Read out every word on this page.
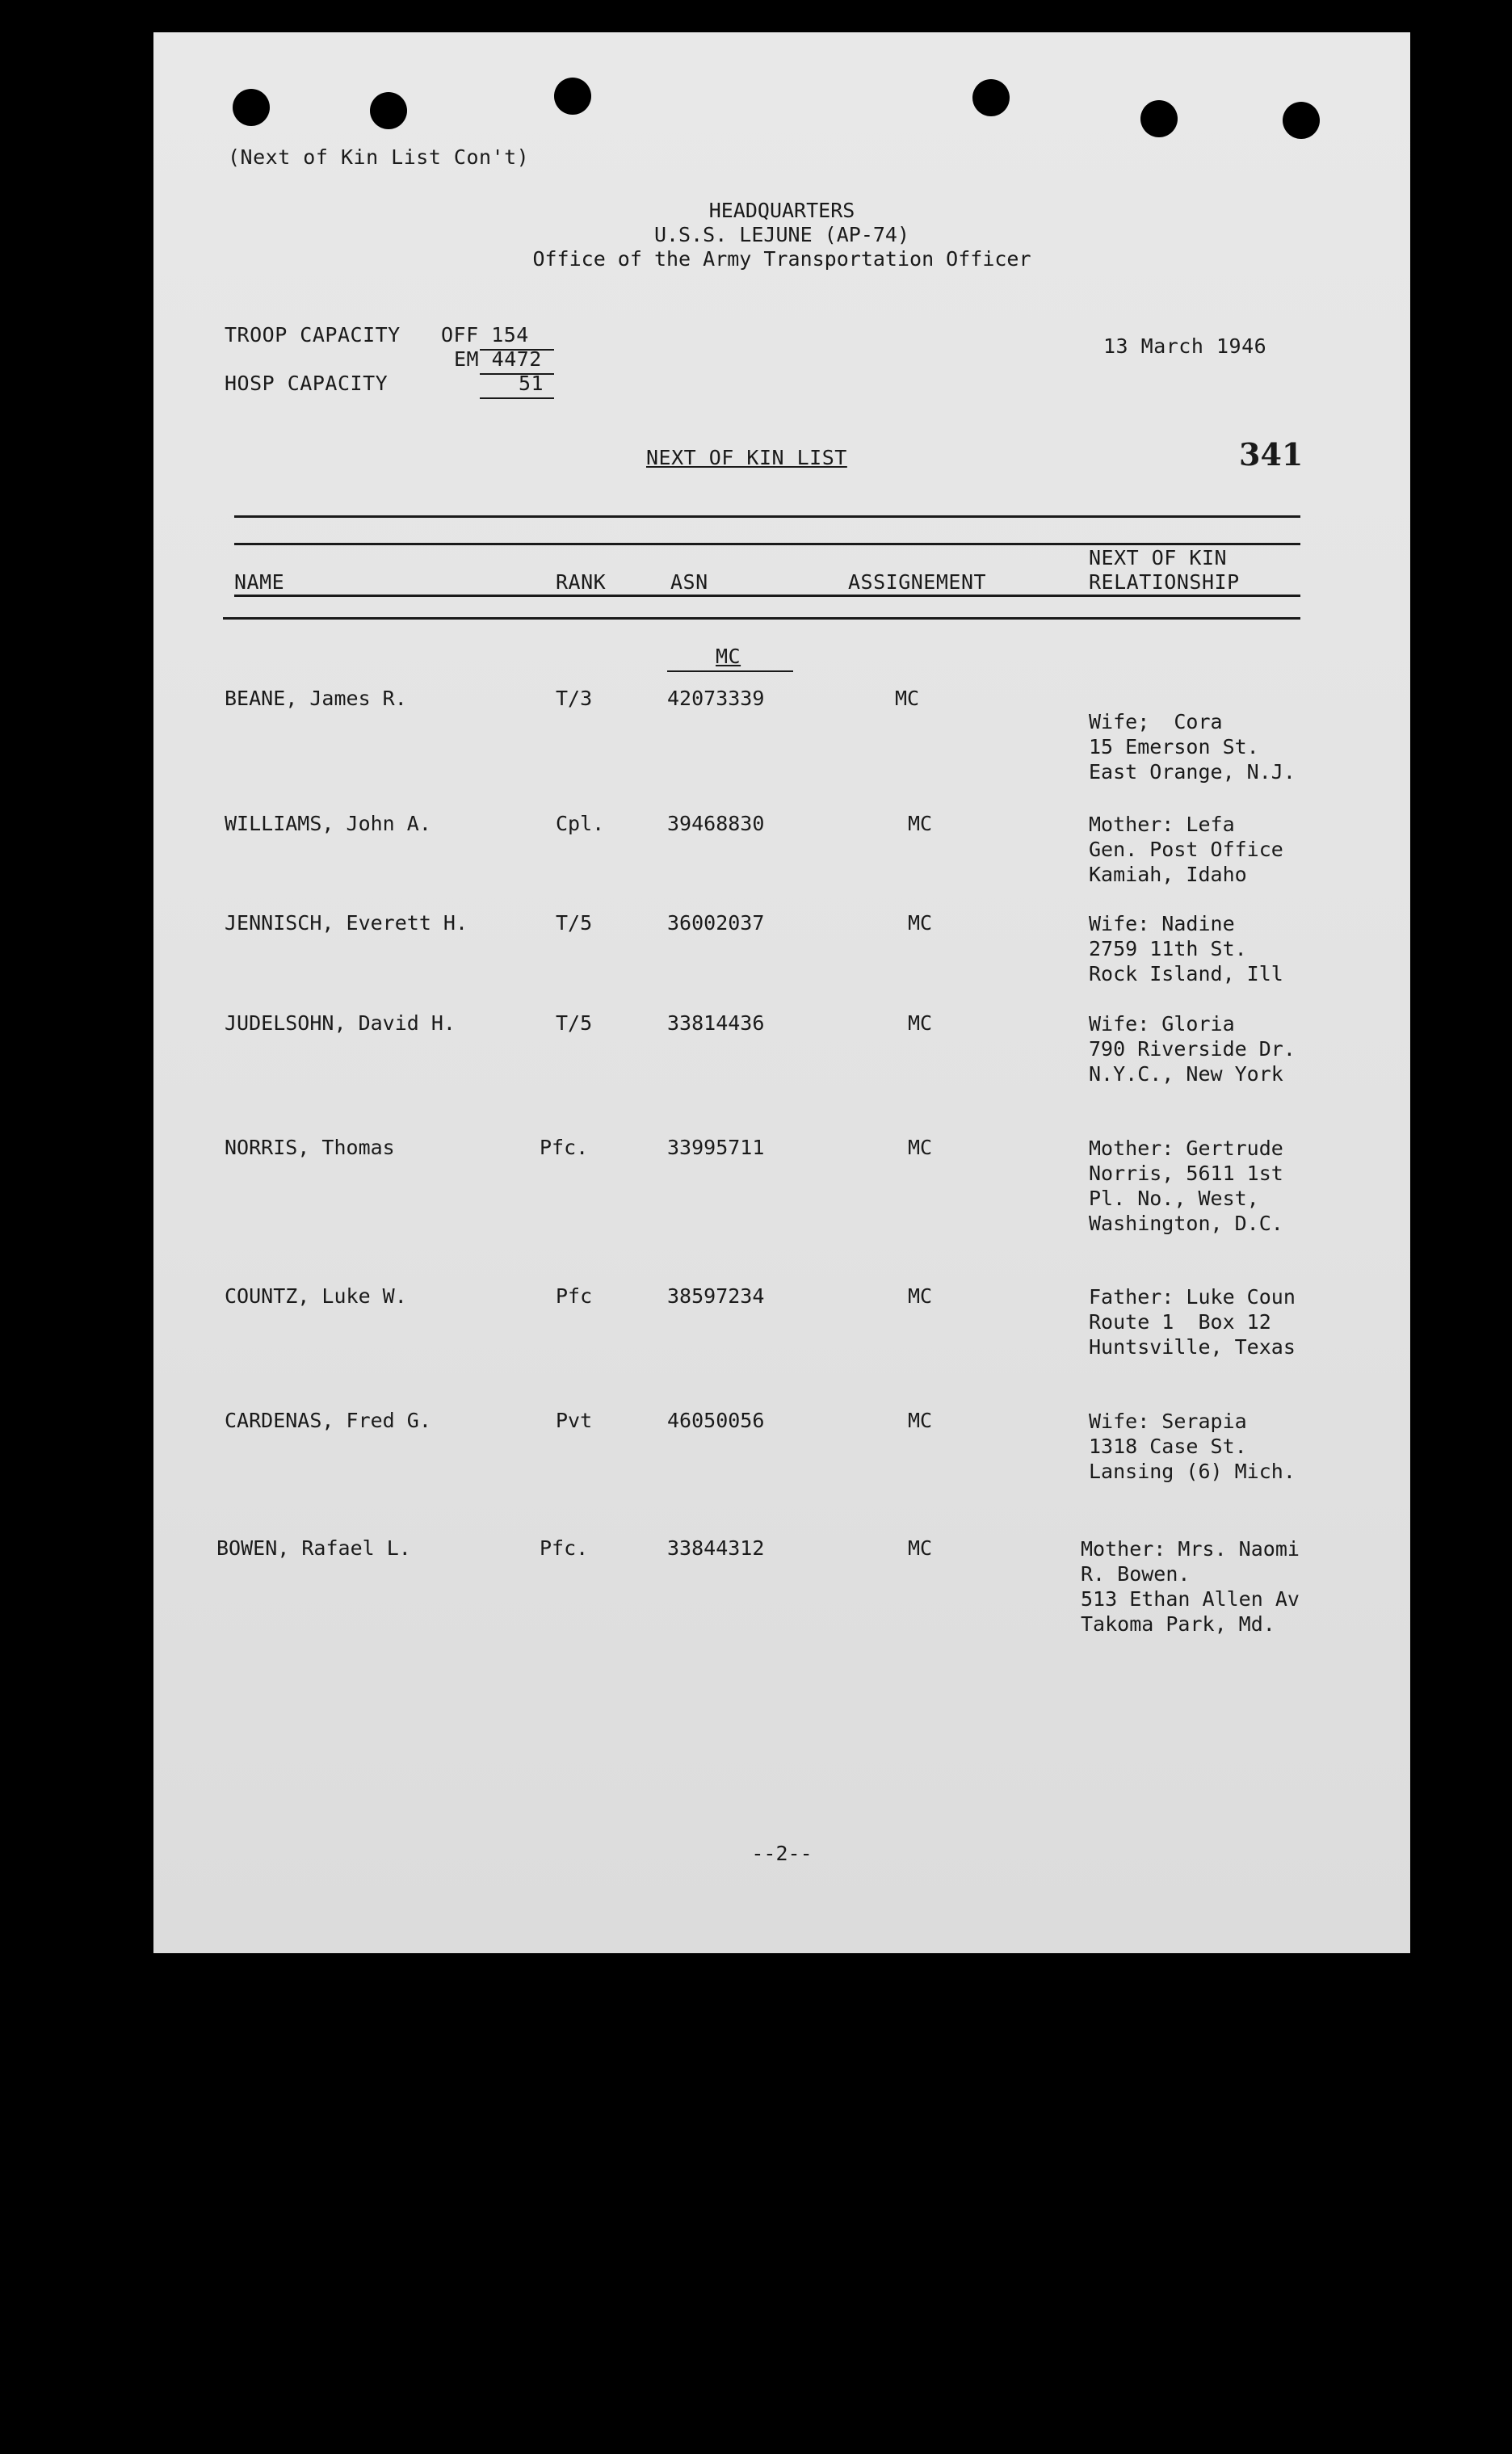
(Next of Kin List Con't)
HEADQUARTERS
U.S.S. LEJUNE (AP-74)
Office of the Army Transportation Officer
TROOP CAPACITY OFF 154
EM 4472
HOSP CAPACITY	51
13 March 1946
NEXT OF KIN LIST	341
NAME	RANK	ASN	ASSIGNEMENT
NEXT OF KIN
RELATIONSHIP
MC
BEANE, James R.	T/3	42073339	MC
Wife;  Cora
15 Emerson St.
East Orange, N.J.
WILLIAMS, John A.	Cpl.	39468830	MC	Mother: Lefa
Gen. Post Office
Kamiah, Idaho
JENNISCH, Everett H.	T/5	36002037	MC	Wife: Nadine
2759 11th St.
Rock Island, Ill
JUDELSOHN, David H.	T/5	33814436	MC	Wife: Gloria
790 Riverside Dr.
N.Y.C., New York
NORRIS, Thomas	Pfc.	33995711	MC	Mother: Gertrude
Norris, 5611 1st
Pl. No., West,
Washington, D.C.
COUNTZ, Luke W.	Pfc	38597234	MC	Father: Luke Coun
Route 1  Box 12
Huntsville, Texas
CARDENAS, Fred G.	Pvt	46050056	MC	Wife: Serapia
1318 Case St.
Lansing (6) Mich.
BOWEN, Rafael L.	Pfc.	33844312	MC	Mother: Mrs. Naomi
R. Bowen.
513 Ethan Allen Av
Takoma Park, Md.
--2--
